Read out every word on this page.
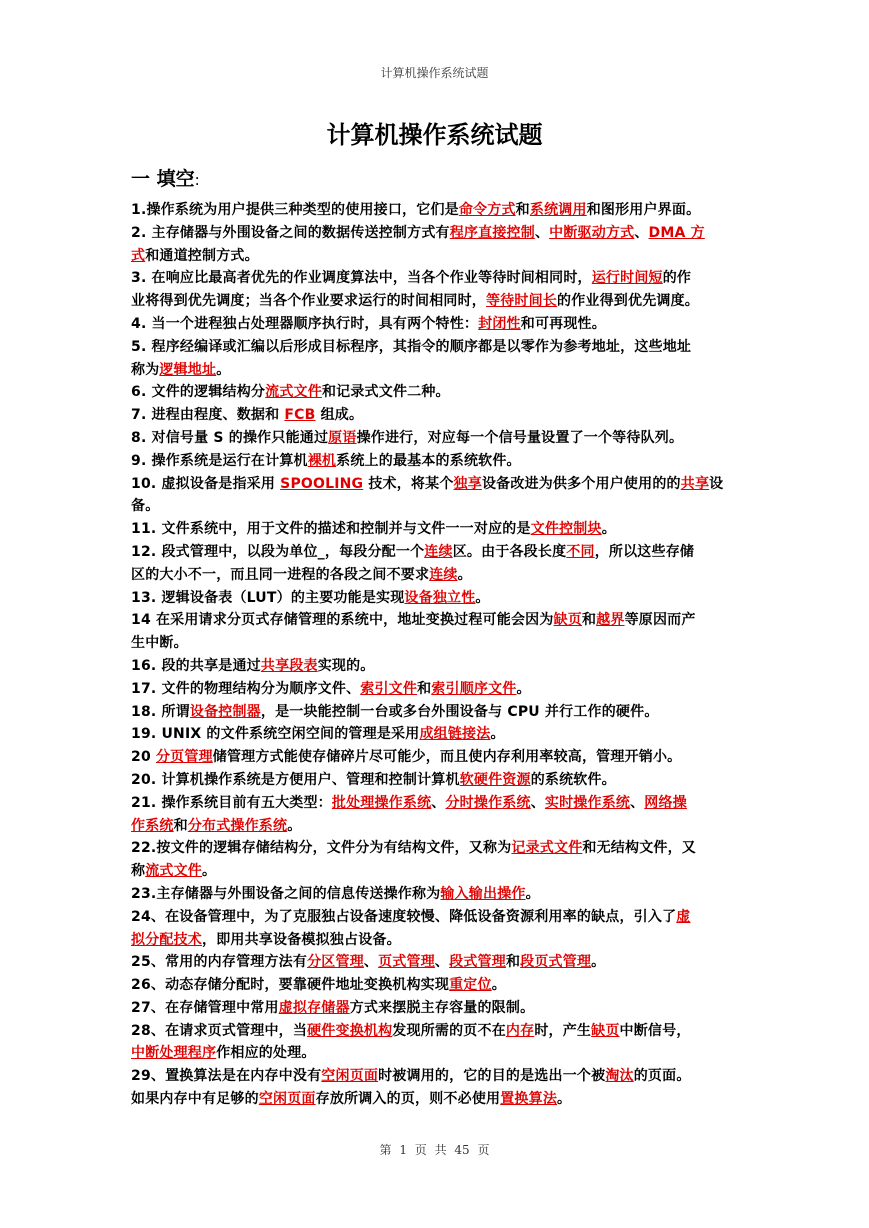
计算机操作系统试题
计算机操作系统试题
一 填空:
1.操作系统为用户提供三种类型的使用接口，它们是命令方式和系统调用和图形用户界面。
2. 主存储器与外围设备之间的数据传送控制方式有程序直接控制、中断驱动方式、DMA 方
式和通道控制方式。
3. 在响应比最高者优先的作业调度算法中，当各个作业等待时间相同时，运行时间短的作
业将得到优先调度；当各个作业要求运行的时间相同时，等待时间长的作业得到优先调度。
4. 当一个进程独占处理器顺序执行时，具有两个特性：封闭性和可再现性。
5. 程序经编译或汇编以后形成目标程序，其指令的顺序都是以零作为参考地址，这些地址
称为逻辑地址。
6. 文件的逻辑结构分流式文件和记录式文件二种。
7. 进程由程度、数据和 FCB 组成。
8. 对信号量 S 的操作只能通过原语操作进行，对应每一个信号量设置了一个等待队列。
9. 操作系统是运行在计算机裸机系统上的最基本的系统软件。
10. 虚拟设备是指采用 SPOOLING 技术，将某个独享设备改进为供多个用户使用的的共享设
备。
11. 文件系统中，用于文件的描述和控制并与文件一一对应的是文件控制块。
12. 段式管理中，以段为单位_，每段分配一个连续区。由于各段长度不同，所以这些存储
区的大小不一，而且同一进程的各段之间不要求连续。
13. 逻辑设备表（LUT）的主要功能是实现设备独立性。
14 在采用请求分页式存储管理的系统中，地址变换过程可能会因为缺页和越界等原因而产
生中断。
16. 段的共享是通过共享段表实现的。
17. 文件的物理结构分为顺序文件、索引文件和索引顺序文件。
18. 所谓设备控制器，是一块能控制一台或多台外围设备与 CPU 并行工作的硬件。
19. UNIX 的文件系统空闲空间的管理是采用成组链接法。
20 分页管理储管理方式能使存储碎片尽可能少，而且使内存利用率较高，管理开销小。
20. 计算机操作系统是方便用户、管理和控制计算机软硬件资源的系统软件。
21. 操作系统目前有五大类型：批处理操作系统、分时操作系统、实时操作系统、网络操
作系统和分布式操作系统。
22.按文件的逻辑存储结构分，文件分为有结构文件，又称为记录式文件和无结构文件，又
称流式文件。
23.主存储器与外围设备之间的信息传送操作称为输入输出操作。
24、在设备管理中，为了克服独占设备速度较慢、降低设备资源利用率的缺点，引入了虚
拟分配技术，即用共享设备模拟独占设备。
25、常用的内存管理方法有分区管理、页式管理、段式管理和段页式管理。
26、动态存储分配时，要靠硬件地址变换机构实现重定位。
27、在存储管理中常用虚拟存储器方式来摆脱主存容量的限制。
28、在请求页式管理中，当硬件变换机构发现所需的页不在内存时，产生缺页中断信号，
中断处理程序作相应的处理。
29、置换算法是在内存中没有空闲页面时被调用的，它的目的是选出一个被淘汰的页面。
如果内存中有足够的空闲页面存放所调入的页，则不必使用置换算法。
第 1 页 共 45 页
